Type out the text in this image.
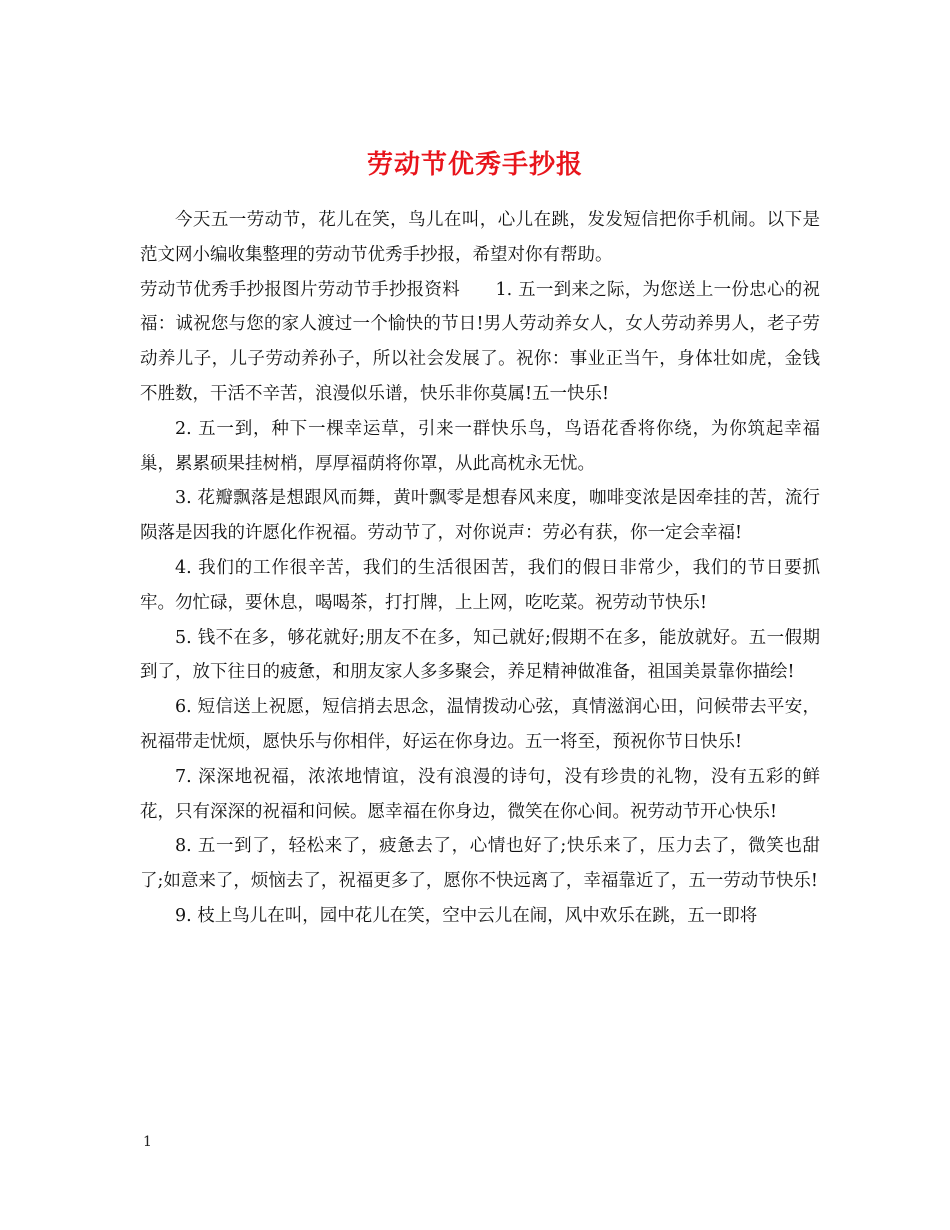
劳动节优秀手抄报

今天五一劳动节，花儿在笑，鸟儿在叫，心儿在跳，发发短信把你手机闹。以下是范文网小编收集整理的劳动节优秀手抄报，希望对你有帮助。

劳动节优秀手抄报图片劳动节手抄报资料　　1. 五一到来之际，为您送上一份忠心的祝福：诚祝您与您的家人渡过一个愉快的节日!男人劳动养女人，女人劳动养男人，老子劳动养儿子，儿子劳动养孙子，所以社会发展了。祝你：事业正当午，身体壮如虎，金钱不胜数，干活不辛苦，浪漫似乐谱，快乐非你莫属!五一快乐!

2. 五一到，种下一棵幸运草，引来一群快乐鸟，鸟语花香将你绕，为你筑起幸福巢，累累硕果挂树梢，厚厚福荫将你罩，从此高枕永无忧。

3. 花瓣飘落是想跟风而舞，黄叶飘零是想春风来度，咖啡变浓是因牵挂的苦，流行陨落是因我的许愿化作祝福。劳动节了，对你说声：劳必有获，你一定会幸福!

4. 我们的工作很辛苦，我们的生活很困苦，我们的假日非常少，我们的节日要抓牢。勿忙碌，要休息，喝喝茶，打打牌，上上网，吃吃菜。祝劳动节快乐!

5. 钱不在多，够花就好;朋友不在多，知己就好;假期不在多，能放就好。五一假期到了，放下往日的疲惫，和朋友家人多多聚会，养足精神做准备，祖国美景靠你描绘!

6. 短信送上祝愿，短信捎去思念，温情拨动心弦，真情滋润心田，问候带去平安，祝福带走忧烦，愿快乐与你相伴，好运在你身边。五一将至，预祝你节日快乐!

7. 深深地祝福，浓浓地情谊，没有浪漫的诗句，没有珍贵的礼物，没有五彩的鲜花，只有深深的祝福和问候。愿幸福在你身边，微笑在你心间。祝劳动节开心快乐!

8. 五一到了，轻松来了，疲惫去了，心情也好了;快乐来了，压力去了，微笑也甜了;如意来了，烦恼去了，祝福更多了，愿你不快远离了，幸福靠近了，五一劳动节快乐!

9. 枝上鸟儿在叫，园中花儿在笑，空中云儿在闹，风中欢乐在跳，五一即将

1
